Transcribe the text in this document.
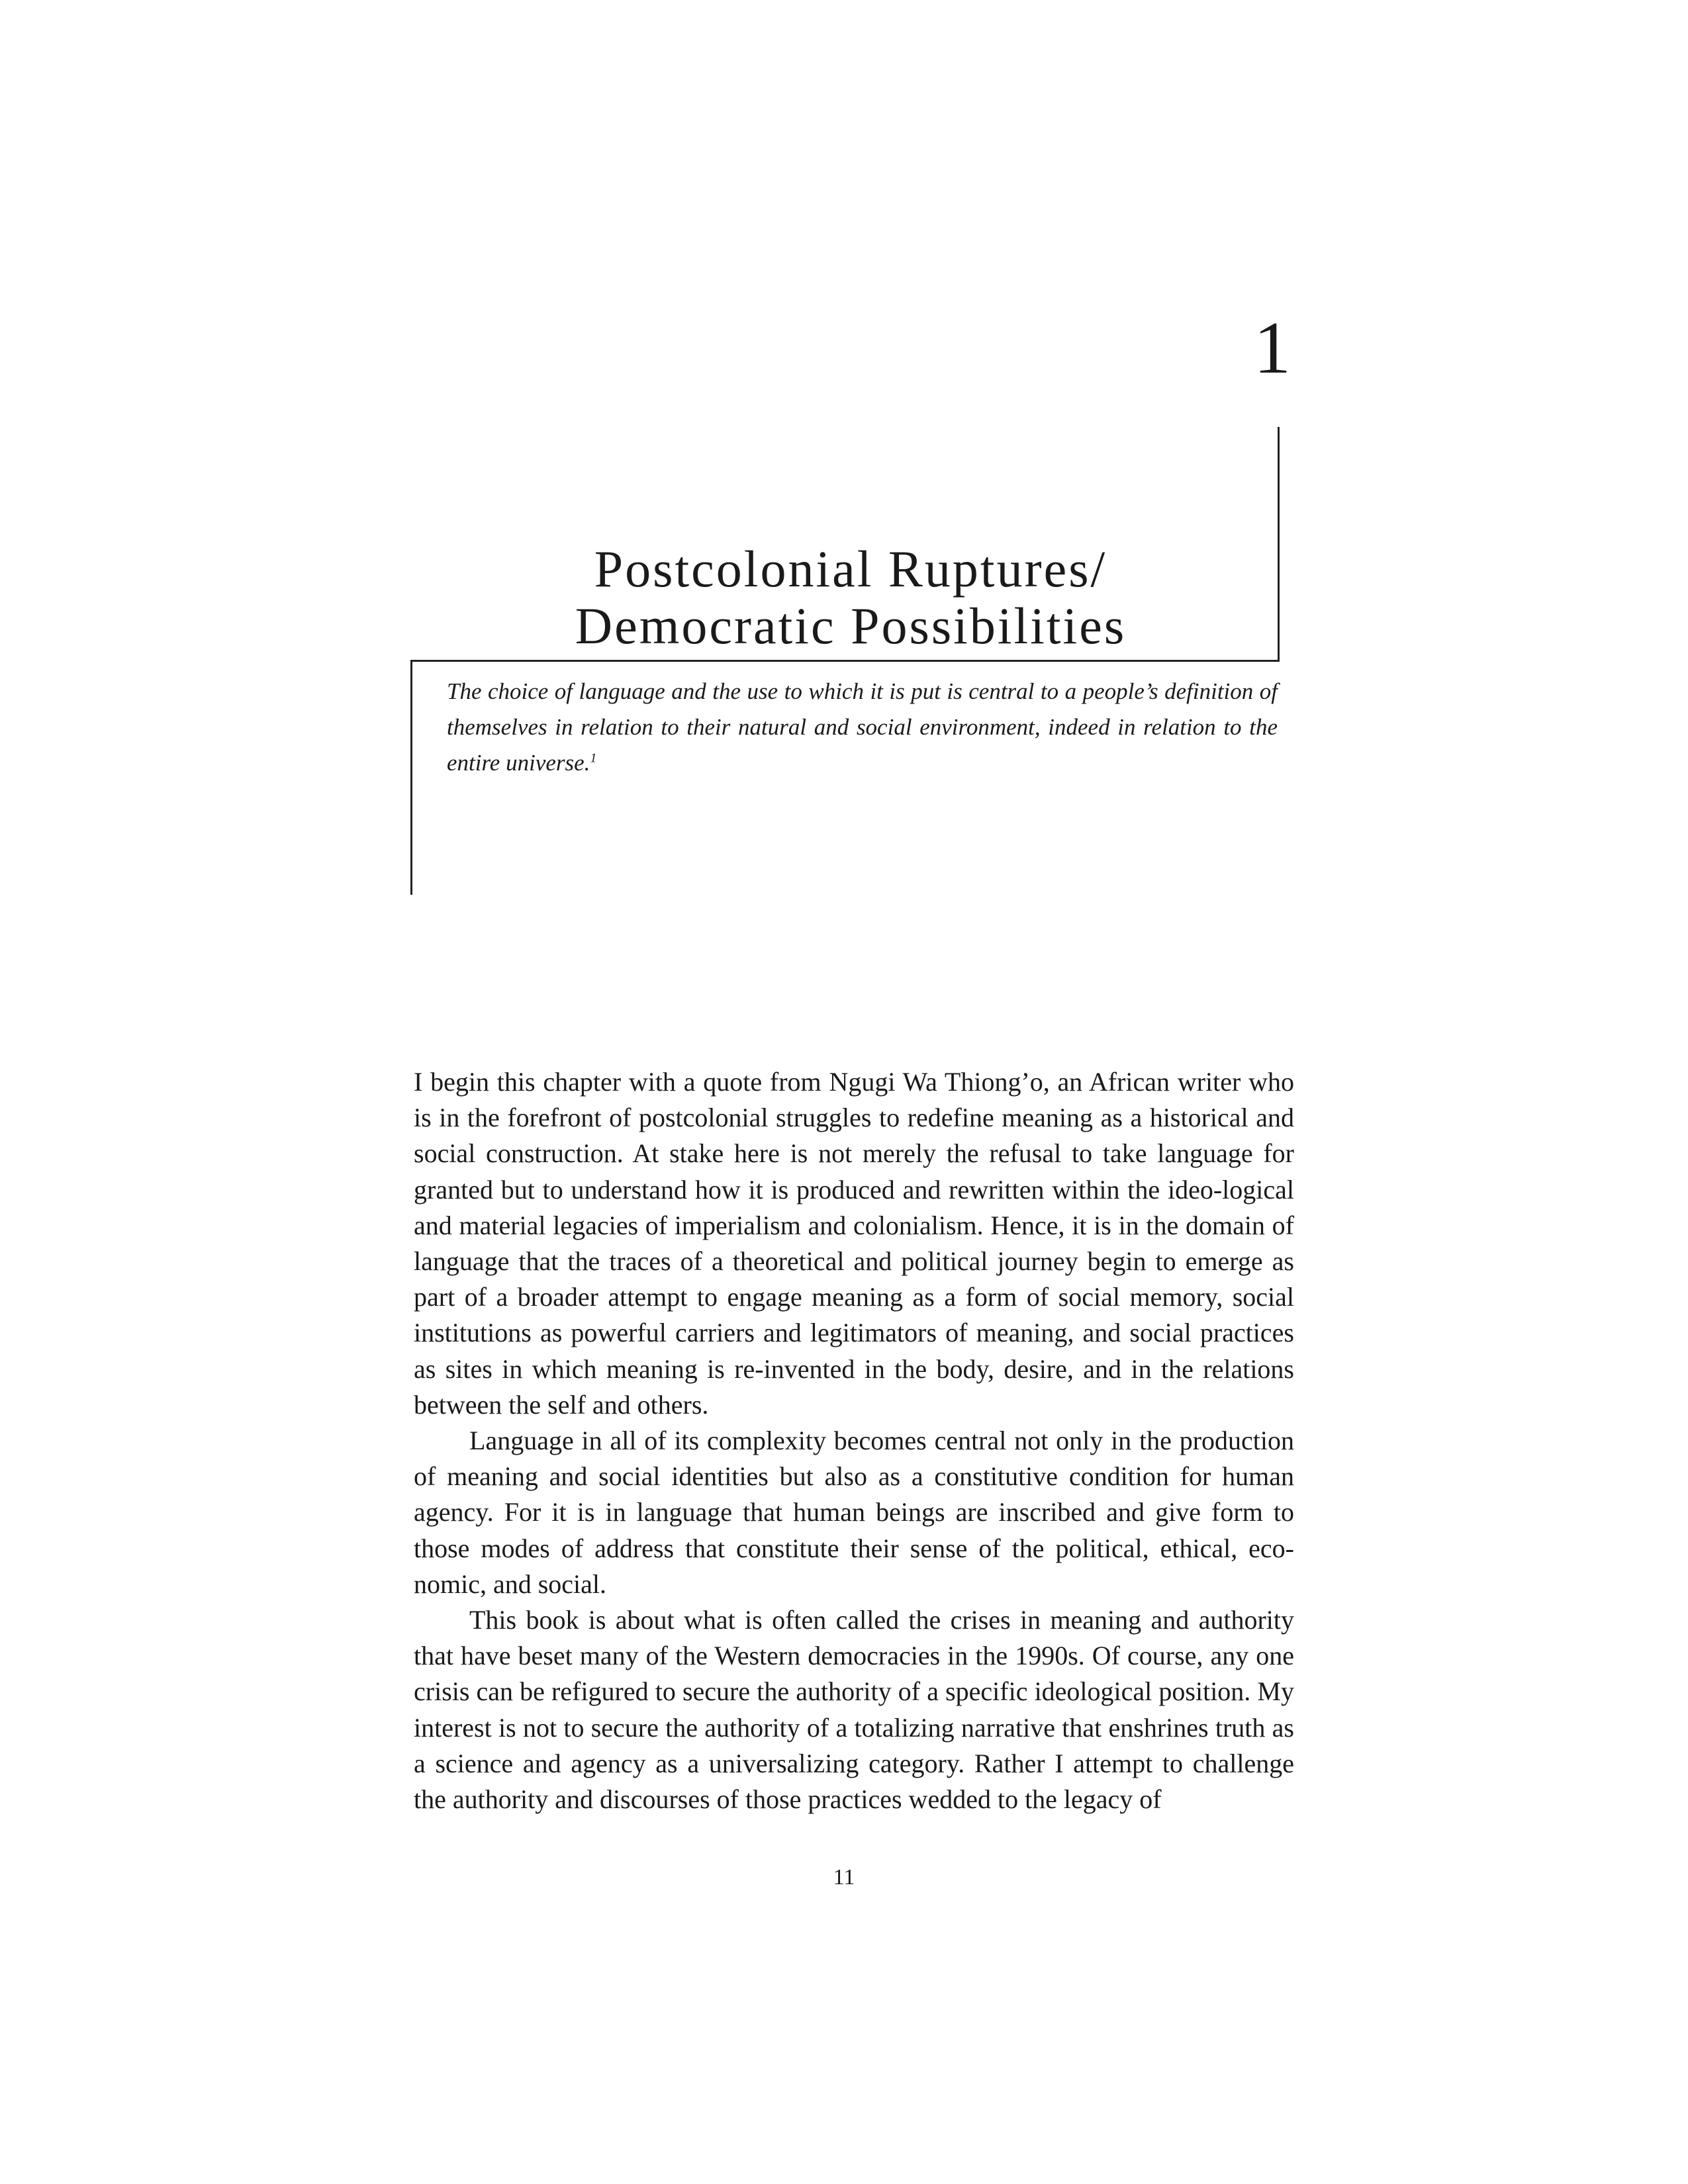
1
Postcolonial Ruptures/
Democratic Possibilities
The choice of language and the use to which it is put is central to a people’s definition of themselves in relation to their natural and social environment, indeed in relation to the entire universe.$^1$

I begin this chapter with a quote from Ngugi Wa Thiong’o, an African writer who is in the forefront of postcolonial struggles to redefine meaning as a historical and social construction. At stake here is not merely the refusal to take language for granted but to understand how it is produced and rewritten within the ideo-logical and material legacies of imperialism and colonialism. Hence, it is in the domain of language that the traces of a theoretical and political journey begin to emerge as part of a broader attempt to engage meaning as a form of social memory, social institutions as powerful carriers and legitimators of meaning, and social practices as sites in which meaning is re-invented in the body, desire, and in the relations between the self and others.

Language in all of its complexity becomes central not only in the production of meaning and social identities but also as a constitutive condition for human agency. For it is in language that human beings are inscribed and give form to those modes of address that constitute their sense of the political, ethical, eco-nomic, and social.

This book is about what is often called the crises in meaning and authority that have beset many of the Western democracies in the 1990s. Of course, any one crisis can be refigured to secure the authority of a specific ideological position. My interest is not to secure the authority of a totalizing narrative that enshrines truth as a science and agency as a universalizing category. Rather I attempt to challenge the authority and discourses of those practices wedded to the legacy of

11
